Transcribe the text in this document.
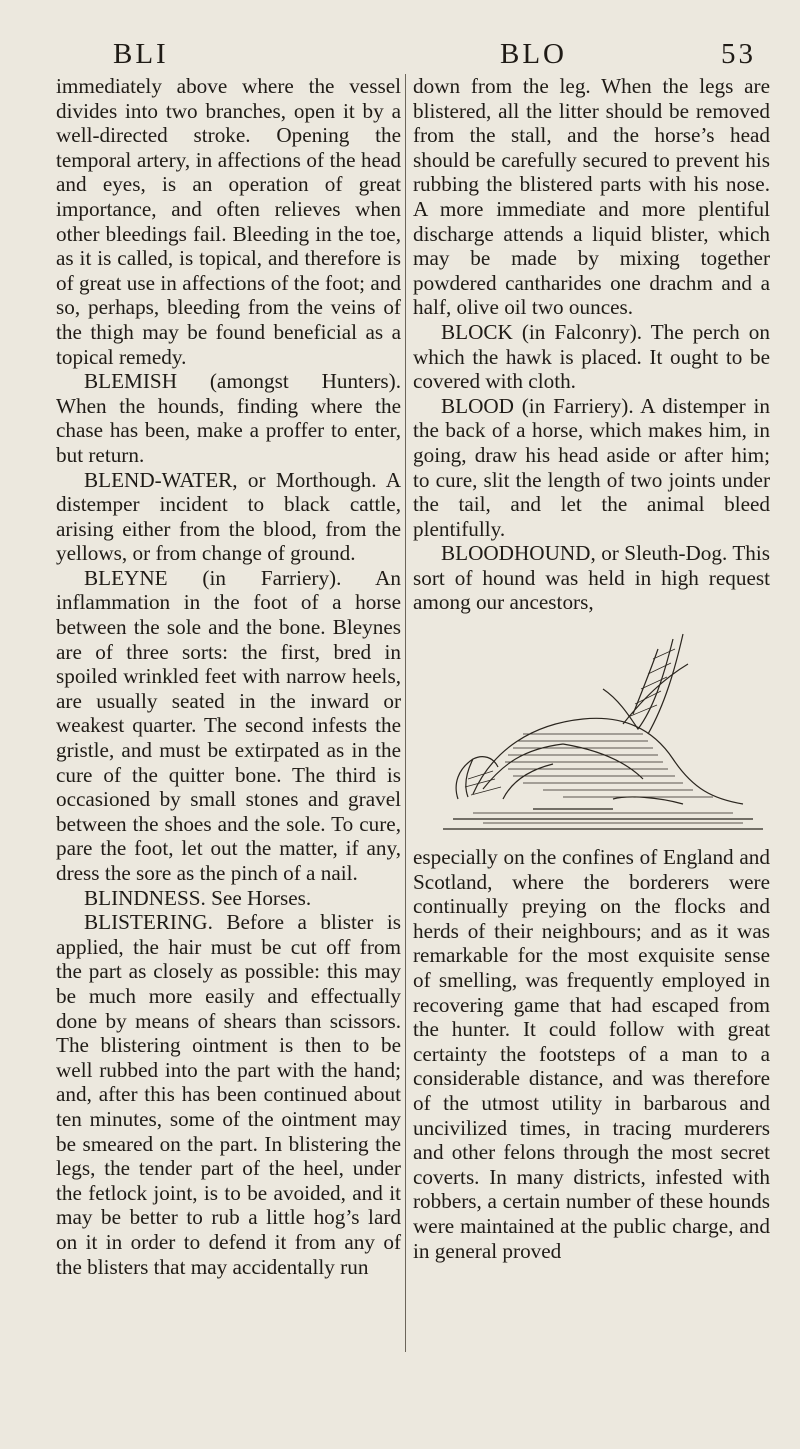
BLI	BLO	53

immediately above where the vessel divides into two branches, open it by a well-directed stroke. Opening the temporal artery, in affections of the head and eyes, is an operation of great importance, and often relieves when other bleedings fail. Bleeding in the toe, as it is called, is topical, and therefore is of great use in affections of the foot; and so, perhaps, bleeding from the veins of the thigh may be found beneficial as a topical remedy.

BLEMISH (amongst Hunters). When the hounds, finding where the chase has been, make a proffer to enter, but return.

BLEND-WATER, or Morthough. A distemper incident to black cattle, arising either from the blood, from the yellows, or from change of ground.

BLEYNE (in Farriery). An inflammation in the foot of a horse between the sole and the bone. Bleynes are of three sorts: the first, bred in spoiled wrinkled feet with narrow heels, are usually seated in the inward or weakest quarter. The second infests the gristle, and must be extirpated as in the cure of the quitter bone. The third is occasioned by small stones and gravel between the shoes and the sole. To cure, pare the foot, let out the matter, if any, dress the sore as the pinch of a nail.

BLINDNESS. See Horses.

BLISTERING. Before a blister is applied, the hair must be cut off from the part as closely as possible: this may be much more easily and effectually done by means of shears than scissors. The blistering ointment is then to be well rubbed into the part with the hand; and, after this has been continued about ten minutes, some of the ointment may be smeared on the part. In blistering the legs, the tender part of the heel, under the fetlock joint, is to be avoided, and it may be better to rub a little hog’s lard on it in order to defend it from any of the blisters that may accidentally run

down from the leg. When the legs are blistered, all the litter should be removed from the stall, and the horse’s head should be carefully secured to prevent his rubbing the blistered parts with his nose. A more immediate and more plentiful discharge attends a liquid blister, which may be made by mixing together powdered cantharides one drachm and a half, olive oil two ounces.

BLOCK (in Falconry). The perch on which the hawk is placed. It ought to be covered with cloth.

BLOOD (in Farriery). A distemper in the back of a horse, which makes him, in going, draw his head aside or after him; to cure, slit the length of two joints under the tail, and let the animal bleed plentifully.

BLOODHOUND, or Sleuth-Dog. This sort of hound was held in high request among our ancestors,

especially on the confines of England and Scotland, where the borderers were continually preying on the flocks and herds of their neighbours; and as it was remarkable for the most exquisite sense of smelling, was frequently employed in recovering game that had escaped from the hunter. It could follow with great certainty the footsteps of a man to a considerable distance, and was therefore of the utmost utility in barbarous and uncivilized times, in tracing murderers and other felons through the most secret coverts. In many districts, infested with robbers, a certain number of these hounds were maintained at the public charge, and in general proved
